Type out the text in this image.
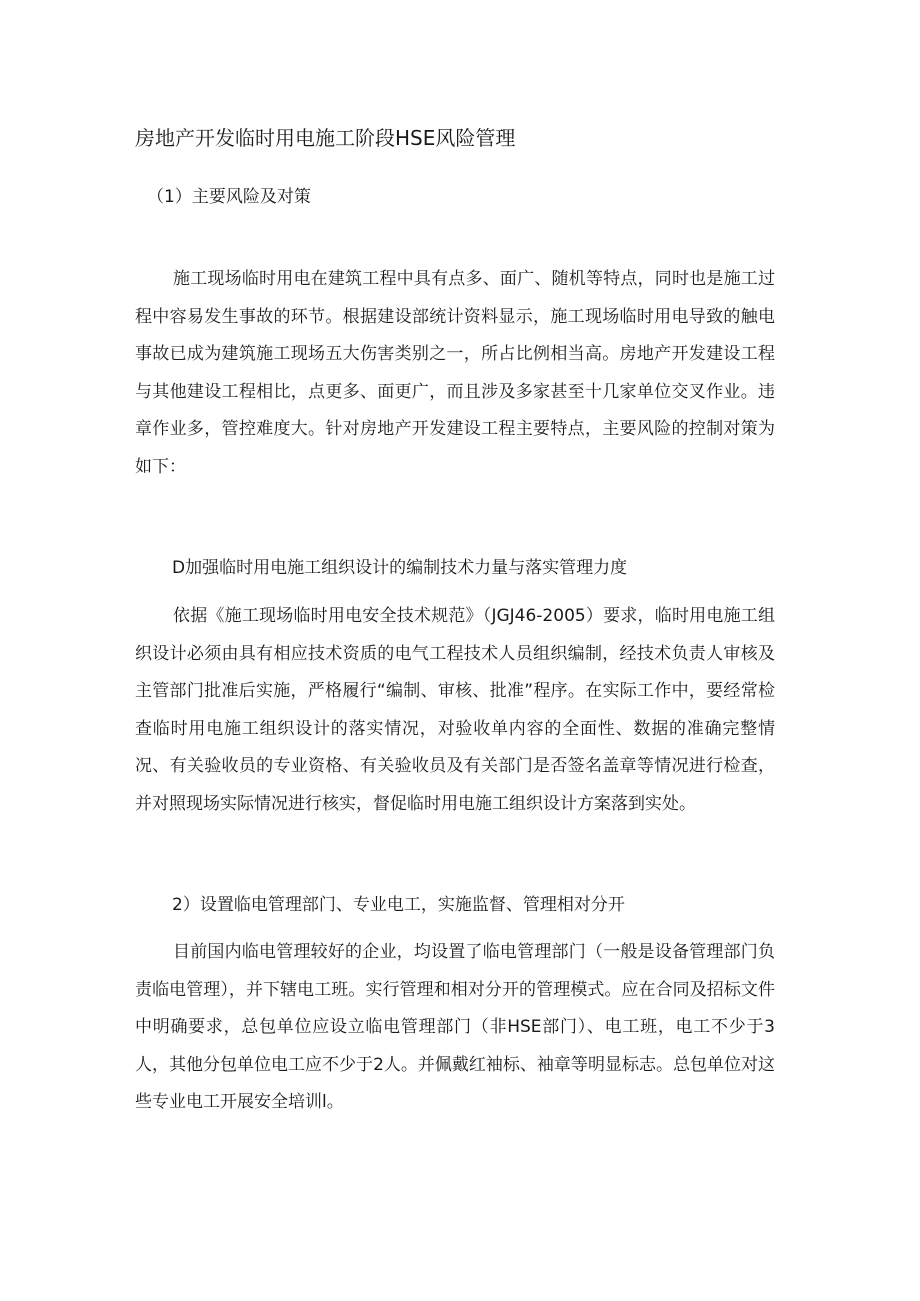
房地产开发临时用电施工阶段HSE风险管理
（1）主要风险及对策

施工现场临时用电在建筑工程中具有点多、面广、随机等特点，同时也是施工过程中容易发生事故的环节。根据建设部统计资料显示，施工现场临时用电导致的触电事故已成为建筑施工现场五大伤害类别之一，所占比例相当高。房地产开发建设工程与其他建设工程相比，点更多、面更广，而且涉及多家甚至十几家单位交叉作业。违章作业多，管控难度大。针对房地产开发建设工程主要特点，主要风险的控制对策为如下：

D加强临时用电施工组织设计的编制技术力量与落实管理力度

依据《施工现场临时用电安全技术规范》（JGJ46-2005）要求，临时用电施工组织设计必须由具有相应技术资质的电气工程技术人员组织编制，经技术负责人审核及主管部门批准后实施，严格履行“编制、审核、批准”程序。在实际工作中，要经常检查临时用电施工组织设计的落实情况，对验收单内容的全面性、数据的准确完整情况、有关验收员的专业资格、有关验收员及有关部门是否签名盖章等情况进行检查，并对照现场实际情况进行核实，督促临时用电施工组织设计方案落到实处。

2）设置临电管理部门、专业电工，实施监督、管理相对分开

目前国内临电管理较好的企业，均设置了临电管理部门（一般是设备管理部门负责临电管理），并下辖电工班。实行管理和相对分开的管理模式。应在合同及招标文件中明确要求，总包单位应设立临电管理部门（非HSE部门）、电工班，电工不少于3人，其他分包单位电工应不少于2人。并佩戴红袖标、袖章等明显标志。总包单位对这些专业电工开展安全培训l。
